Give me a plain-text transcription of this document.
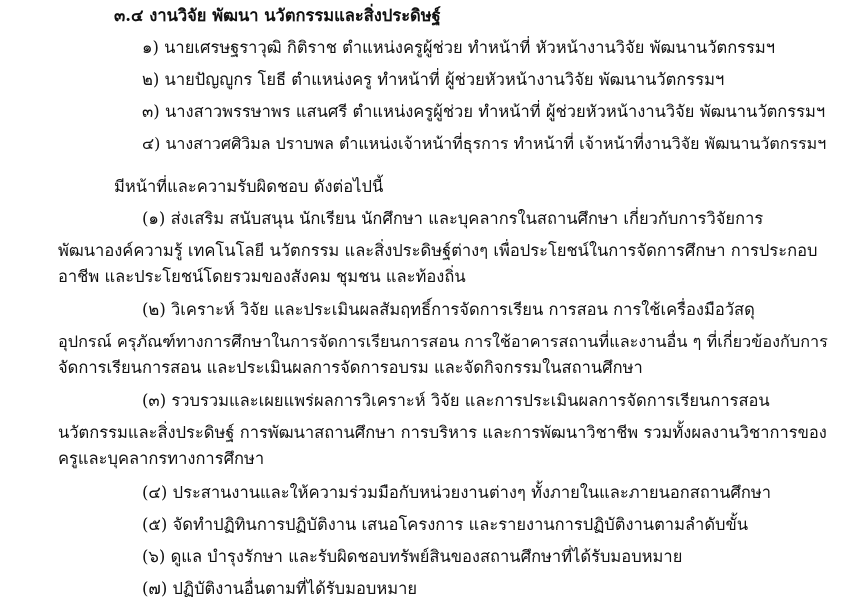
๓.๔ งานวิจัย พัฒนา นวัตกรรมและสิ่งประดิษฐ์
๑) นายเศรษฐราวุฒิ กิติราช ตำแหน่งครูผู้ช่วย ทำหน้าที่ หัวหน้างานวิจัย พัฒนานวัตกรรมฯ
๒) นายปัญญูกร โยธี ตำแหน่งครู ทำหน้าที่ ผู้ช่วยหัวหน้างานวิจัย พัฒนานวัตกรรมฯ
๓) นางสาวพรรษาพร แสนศรี ตำแหน่งครูผู้ช่วย ทำหน้าที่ ผู้ช่วยหัวหน้างานวิจัย พัฒนานวัตกรรมฯ
๔) นางสาวศศิวิมล ปราบพล ตำแหน่งเจ้าหน้าที่ธุรการ ทำหน้าที่ เจ้าหน้าที่งานวิจัย พัฒนานวัตกรรมฯ
มีหน้าที่และความรับผิดชอบ ดังต่อไปนี้
(๑) ส่งเสริม สนับสนุน นักเรียน นักศึกษา และบุคลากรในสถานศึกษา เกี่ยวกับการวิจัยการ
พัฒนาองค์ความรู้ เทคโนโลยี นวัตกรรม และสิ่งประดิษฐ์ต่างๆ เพื่อประโยชน์ในการจัดการศึกษา การประกอบ
อาชีพ และประโยชน์โดยรวมของสังคม ชุมชน และท้องถิ่น
(๒) วิเคราะห์ วิจัย และประเมินผลสัมฤทธิ์การจัดการเรียน การสอน การใช้เครื่องมือวัสดุ
อุปกรณ์ ครุภัณฑ์ทางการศึกษาในการจัดการเรียนการสอน การใช้อาคารสถานที่และงานอื่น ๆ ที่เกี่ยวข้องกับการ
จัดการเรียนการสอน และประเมินผลการจัดการอบรม และจัดกิจกรรมในสถานศึกษา
(๓) รวบรวมและเผยแพร่ผลการวิเคราะห์ วิจัย และการประเมินผลการจัดการเรียนการสอน
นวัตกรรมและสิ่งประดิษฐ์ การพัฒนาสถานศึกษา การบริหาร และการพัฒนาวิชาชีพ รวมทั้งผลงานวิชาการของ
ครูและบุคลากรทางการศึกษา
(๔) ประสานงานและให้ความร่วมมือกับหน่วยงานต่างๆ ทั้งภายในและภายนอกสถานศึกษา
(๕) จัดทำปฏิทินการปฏิบัติงาน เสนอโครงการ และรายงานการปฏิบัติงานตามลำดับขั้น
(๖) ดูแล บำรุงรักษา และรับผิดชอบทรัพย์สินของสถานศึกษาที่ได้รับมอบหมาย
(๗) ปฏิบัติงานอื่นตามที่ได้รับมอบหมาย
